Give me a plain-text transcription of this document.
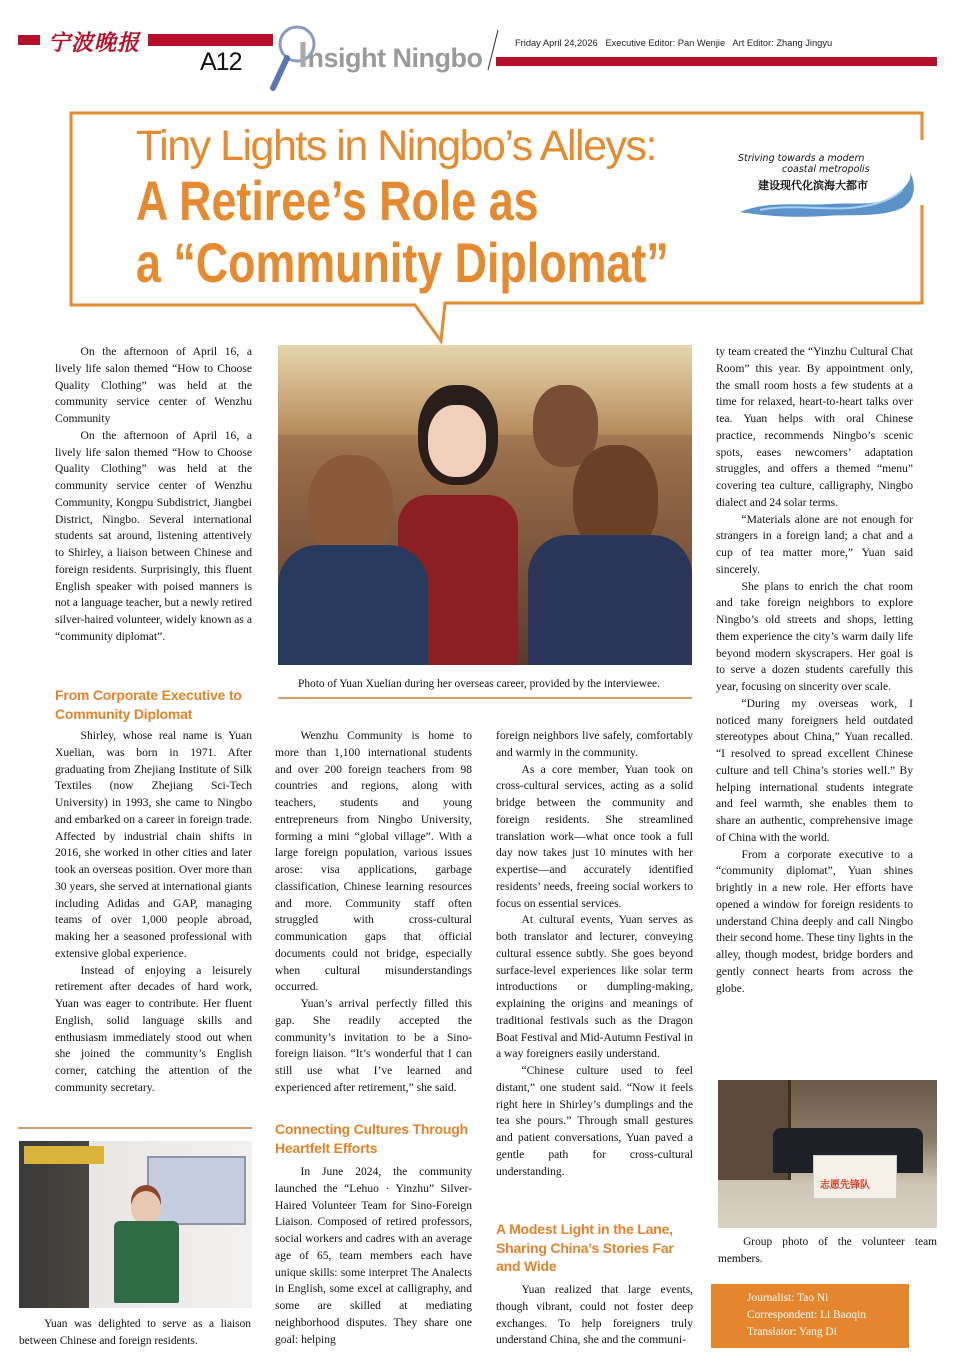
宁波晚报
A12 Insight Ningbo	Friday April 24,2026 Executive Editor: Pan Wenjie Art Editor: Zhang Jingyu
Tiny Lights in Ningbo’s Alleys:
A Retiree’s Role as
a “Community Diplomat”
Striving towards a modern
coastal metropolis
建设现代化滨海大都市

On the afternoon of April 16, a lively life salon themed “How to Choose Quality Clothing” was held at the community service center of Wenzhu Community

On the afternoon of April 16, a lively life salon themed “How to Choose Quality Clothing” was held at the community service center of Wenzhu Community, Kongpu Subdistrict, Jiangbei District, Ningbo. Several international students sat around, listening attentively to Shirley, a liaison between Chinese and foreign residents. Surprisingly, this fluent English speaker with poised manners is not a language teacher, but a newly retired silver-haired volunteer, widely known as a “community diplomat”.

From Corporate Executive to Community Diplomat

Shirley, whose real name is Yuan Xuelian, was born in 1971. After graduating from Zhejiang Institute of Silk Textiles (now Zhejiang Sci-Tech University) in 1993, she came to Ningbo and embarked on a career in foreign trade. Affected by industrial chain shifts in 2016, she worked in other cities and later took an overseas position. Over more than 30 years, she served at international giants including Adidas and GAP, managing teams of over 1,000 people abroad, making her a seasoned professional with extensive global experience.

Instead of enjoying a leisurely retirement after decades of hard work, Yuan was eager to contribute. Her fluent English, solid language skills and enthusiasm immediately stood out when she joined the community’s English corner, catching the attention of the community secretary.

Yuan was delighted to serve as a liaison between Chinese and foreign residents.
Photo of Yuan Xuelian during her overseas career, provided by the interviewee.

Wenzhu Community is home to more than 1,100 international students and over 200 foreign teachers from 98 countries and regions, along with teachers, students and young entrepreneurs from Ningbo University, forming a mini “global village”. With a large foreign population, various issues arose: visa applications, garbage classification, Chinese learning resources and more. Community staff often struggled with cross-cultural communication gaps that official documents could not bridge, especially when cultural misunderstandings occurred.

Yuan’s arrival perfectly filled this gap. She readily accepted the community’s invitation to be a Sino-foreign liaison. “It’s wonderful that I can still use what I’ve learned and experienced after retirement,” she said.

Connecting Cultures Through Heartfelt Efforts

In June 2024, the community launched the “Lehuo · Yinzhu” Silver-Haired Volunteer Team for Sino-Foreign Liaison. Composed of retired professors, social workers and cadres with an average age of 65, team members each have unique skills: some interpret The Analects in English, some excel at calligraphy, and some are skilled at mediating neighborhood disputes. They share one goal: helping

foreign neighbors live safely, comfortably and warmly in the community.

As a core member, Yuan took on cross-cultural services, acting as a solid bridge between the community and foreign residents. She streamlined translation work—what once took a full day now takes just 10 minutes with her expertise—and accurately identified residents’ needs, freeing social workers to focus on essential services.

At cultural events, Yuan serves as both translator and lecturer, conveying cultural essence subtly. She goes beyond surface-level experiences like solar term introductions or dumpling-making, explaining the origins and meanings of traditional festivals such as the Dragon Boat Festival and Mid-Autumn Festival in a way foreigners easily understand.

“Chinese culture used to feel distant,” one student said. “Now it feels right here in Shirley’s dumplings and the tea she pours.” Through small gestures and patient conversations, Yuan paved a gentle path for cross-cultural understanding.

A Modest Light in the Lane, Sharing China’s Stories Far and Wide

Yuan realized that large events, though vibrant, could not foster deep exchanges. To help foreigners truly understand China, she and the communi-

ty team created the “Yinzhu Cultural Chat Room” this year. By appointment only, the small room hosts a few students at a time for relaxed, heart-to-heart talks over tea. Yuan helps with oral Chinese practice, recommends Ningbo’s scenic spots, eases newcomers’ adaptation struggles, and offers a themed “menu” covering tea culture, calligraphy, Ningbo dialect and 24 solar terms.

“Materials alone are not enough for strangers in a foreign land; a chat and a cup of tea matter more,” Yuan said sincerely.

She plans to enrich the chat room and take foreign neighbors to explore Ningbo’s old streets and shops, letting them experience the city’s warm daily life beyond modern skyscrapers. Her goal is to serve a dozen students carefully this year, focusing on sincerity over scale.

“During my overseas work, I noticed many foreigners held outdated stereotypes about China,” Yuan recalled. “I resolved to spread excellent Chinese culture and tell China’s stories well.” By helping international students integrate and feel warmth, she enables them to share an authentic, comprehensive image of China with the world.

From a corporate executive to a “community diplomat”, Yuan shines brightly in a new role. Her efforts have opened a window for foreign residents to understand China deeply and call Ningbo their second home. These tiny lights in the alley, though modest, bridge borders and gently connect hearts from across the globe.

志愿先锋队
Group photo of the volunteer team members.
Journalist: Tao Ni
Correspondent: Li Baoqin
Translator: Yang Di
